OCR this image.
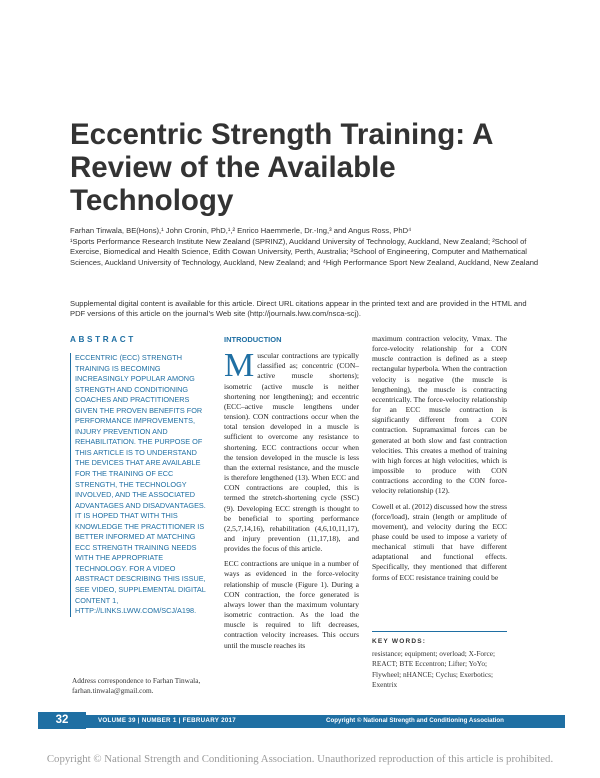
Eccentric Strength Training: A Review of the Available Technology

Farhan Tinwala, BE(Hons),¹ John Cronin, PhD,¹,² Enrico Haemmerle, Dr.-Ing,³ and Angus Ross, PhD⁴

¹Sports Performance Research Institute New Zealand (SPRINZ), Auckland University of Technology, Auckland, New Zealand; ²School of Exercise, Biomedical and Health Science, Edith Cowan University, Perth, Australia; ³School of Engineering, Computer and Mathematical Sciences, Auckland University of Technology, Auckland, New Zealand; and ⁴High Performance Sport New Zealand, Auckland, New Zealand

Supplemental digital content is available for this article. Direct URL citations appear in the printed text and are provided in the HTML and PDF versions of this article on the journal’s Web site (http://journals.lww.com/nsca-scj).

ABSTRACT

ECCENTRIC (ECC) STRENGTH TRAINING IS BECOMING INCREASINGLY POPULAR AMONG STRENGTH AND CONDITIONING COACHES AND PRACTITIONERS GIVEN THE PROVEN BENEFITS FOR PERFORMANCE IMPROVEMENTS, INJURY PREVENTION AND REHABILITATION. THE PURPOSE OF THIS ARTICLE IS TO UNDERSTAND THE DEVICES THAT ARE AVAILABLE FOR THE TRAINING OF ECC STRENGTH, THE TECHNOLOGY INVOLVED, AND THE ASSOCIATED ADVANTAGES AND DISADVANTAGES. IT IS HOPED THAT WITH THIS KNOWLEDGE THE PRACTITIONER IS BETTER INFORMED AT MATCHING ECC STRENGTH TRAINING NEEDS WITH THE APPROPRIATE TECHNOLOGY. FOR A VIDEO ABSTRACT DESCRIBING THIS ISSUE, SEE VIDEO, SUPPLEMENTAL DIGITAL CONTENT 1, HTTP://LINKS.LWW.COM/SCJ/A198.

Address correspondence to Farhan Tinwala,

farhan.tinwala@gmail.com.

INTRODUCTION

Muscular contractions are typically classified as; concentric (CON–active muscle shortens); isometric (active muscle is neither shortening nor lengthening); and eccentric (ECC–active muscle lengthens under tension). CON contractions occur when the total tension developed in a muscle is sufficient to overcome any resistance to shortening. ECC contractions occur when the tension developed in the muscle is less than the external resistance, and the muscle is therefore lengthened (13). When ECC and CON contractions are coupled, this is termed the stretch-shortening cycle (SSC) (9). Developing ECC strength is thought to be beneficial to sporting performance (2,5,7,14,16), rehabilitation (4,6,10,11,17), and injury prevention (11,17,18), and provides the focus of this article.

ECC contractions are unique in a number of ways as evidenced in the force-velocity relationship of muscle (Figure 1). During a CON contraction, the force generated is always lower than the maximum voluntary isometric contraction. As the load the muscle is required to lift decreases, contraction velocity increases. This occurs until the muscle reaches its

maximum contraction velocity, Vmax. The force-velocity relationship for a CON muscle contraction is defined as a steep rectangular hyperbola. When the contraction velocity is negative (the muscle is lengthening), the muscle is contracting eccentrically. The force-velocity relationship for an ECC muscle contraction is significantly different from a CON contraction. Supramaximal forces can be generated at both slow and fast contraction velocities. This creates a method of training with high forces at high velocities, which is impossible to produce with CON contractions according to the CON force-velocity relationship (12).

Cowell et al. (2012) discussed how the stress (force/load), strain (length or amplitude of movement), and velocity during the ECC phase could be used to impose a variety of mechanical stimuli that have different adaptational and functional effects. Specifically, they mentioned that different forms of ECC resistance training could be

KEY WORDS:

resistance; equipment; overload; X-Force; REACT; BTE Eccentron; Lifter; YoYo; Flywheel; nHANCE; Cyclus; Exerbotics; Exentrix

32	VOLUME 39 | NUMBER 1 | FEBRUARY 2017	Copyright © National Strength and Conditioning Association
Copyright © National Strength and Conditioning Association. Unauthorized reproduction of this article is prohibited.
